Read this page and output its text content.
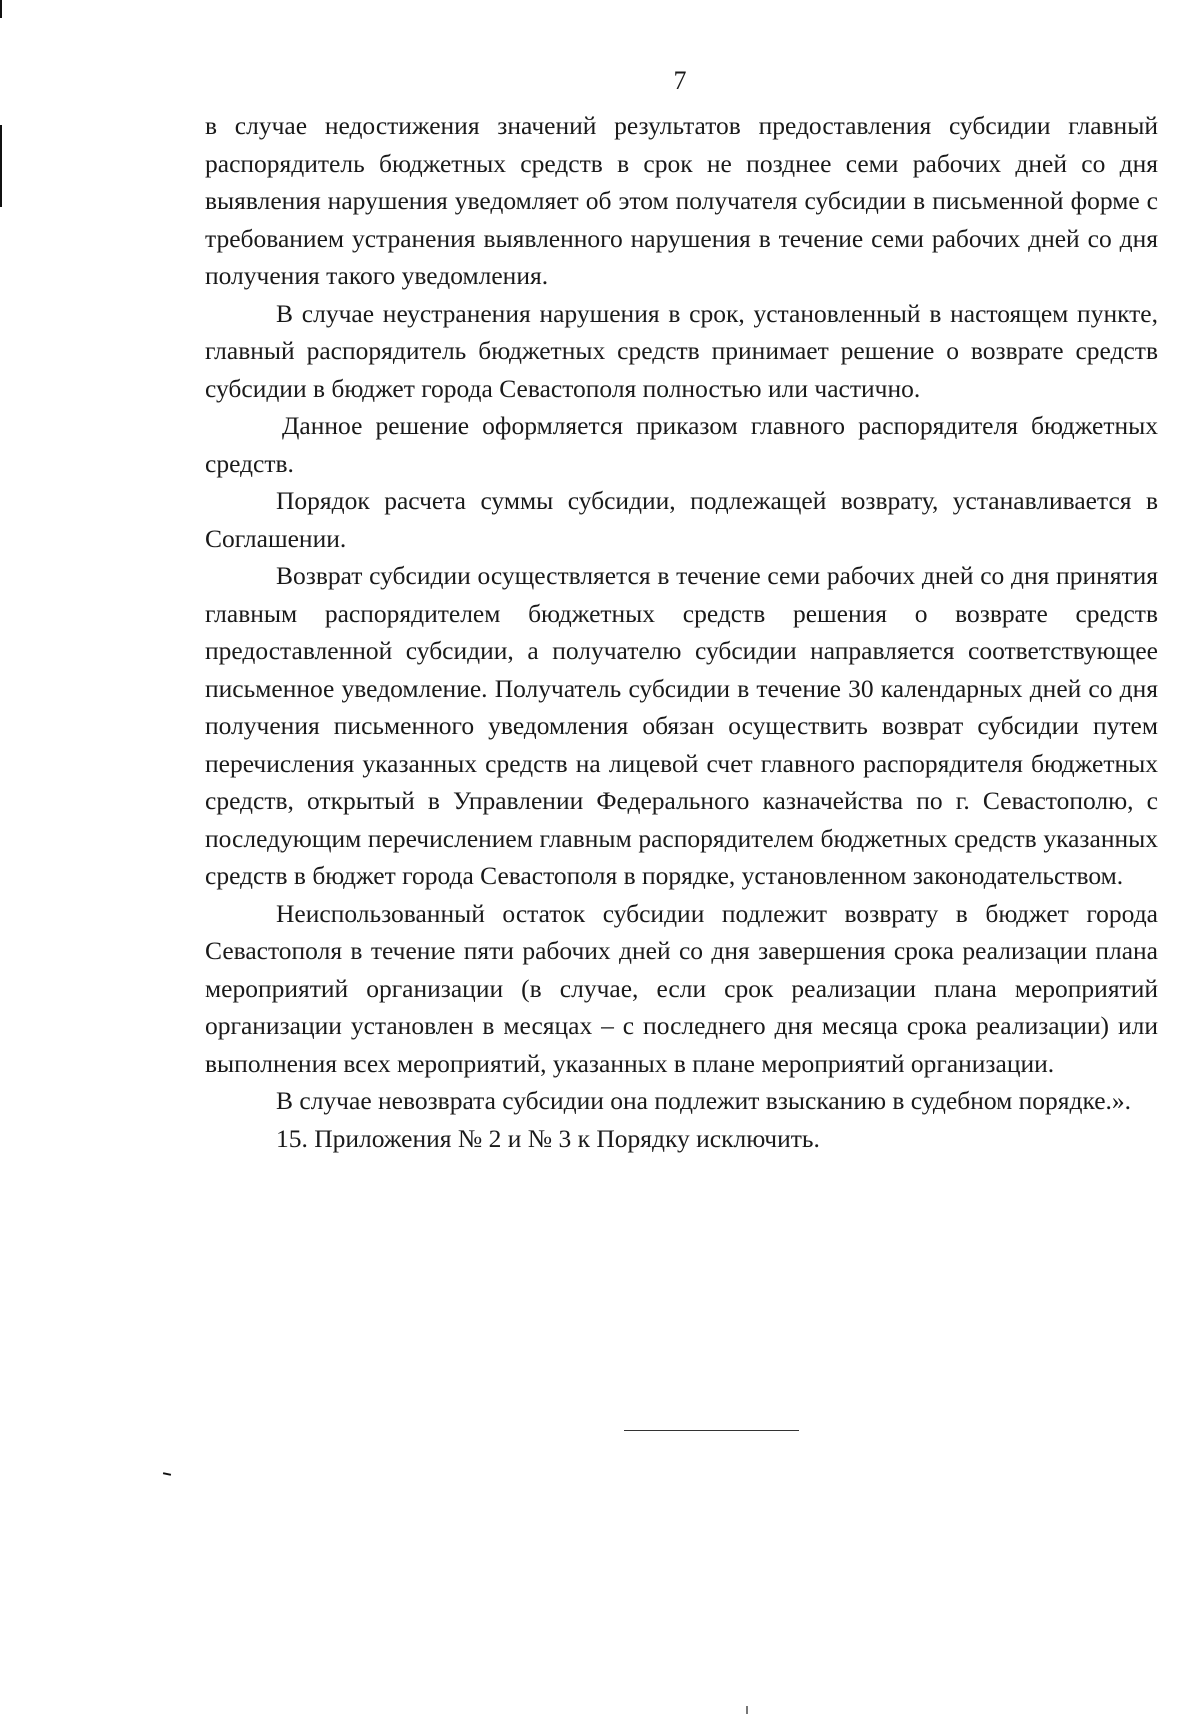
7

в случае недостижения значений результатов предоставления субсидии главный распорядитель бюджетных средств в срок не позднее семи рабочих дней со дня выявления нарушения уведомляет об этом получателя субсидии в письменной форме с требованием устранения выявленного нарушения в течение семи рабочих дней со дня получения такого уведомления.

В случае неустранения нарушения в срок, установленный в настоящем пункте, главный распорядитель бюджетных средств принимает решение о возврате средств субсидии в бюджет города Севастополя полностью или частично.

Данное решение оформляется приказом главного распорядителя бюджетных средств.

Порядок расчета суммы субсидии, подлежащей возврату, устанавливается в Соглашении.

Возврат субсидии осуществляется в течение семи рабочих дней со дня принятия главным распорядителем бюджетных средств решения о возврате средств предоставленной субсидии, а получателю субсидии направляется соответствующее письменное уведомление. Получатель субсидии в течение 30 календарных дней со дня получения письменного уведомления обязан осуществить возврат субсидии путем перечисления указанных средств на лицевой счет главного распорядителя бюджетных средств, открытый в Управлении Федерального казначейства по г. Севастополю, с последующим перечислением главным распорядителем бюджетных средств указанных средств в бюджет города Севастополя в порядке, установленном законодательством.

Неиспользованный остаток субсидии подлежит возврату в бюджет города Севастополя в течение пяти рабочих дней со дня завершения срока реализации плана мероприятий организации (в случае, если срок реализации плана мероприятий организации установлен в месяцах – с последнего дня месяца срока реализации) или выполнения всех мероприятий, указанных в плане мероприятий организации.

В случае невозврата субсидии она подлежит взысканию в судебном порядке.».

15. Приложения № 2 и № 3 к Порядку исключить.
